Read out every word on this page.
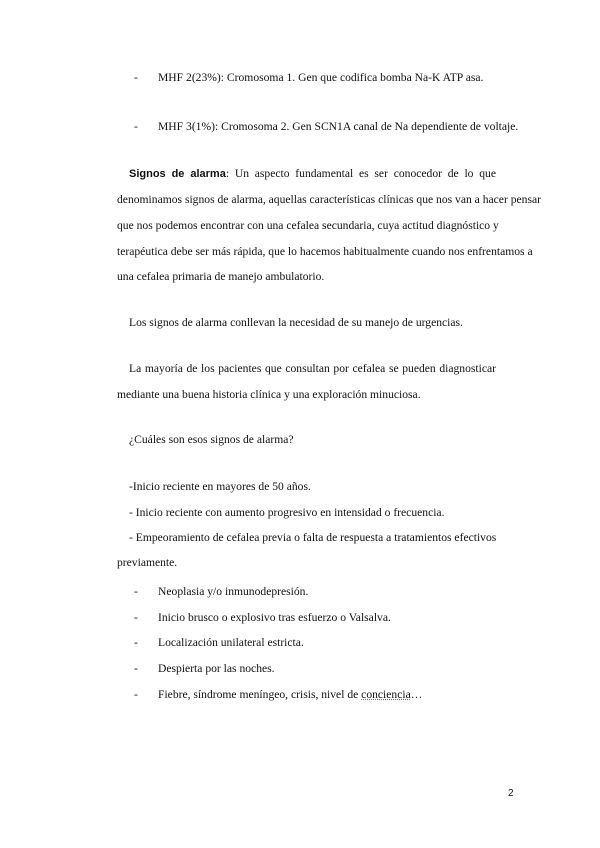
- MHF 2(23%): Cromosoma 1. Gen que codifica bomba Na-K ATP asa.
- MHF 3(1%): Cromosoma 2. Gen SCN1A canal de Na dependiente de voltaje.
Signos de alarma: Un aspecto fundamental es ser conocedor de lo que
denominamos signos de alarma, aquellas características clínicas que nos van a hacer pensar
que nos podemos encontrar con una cefalea secundaria, cuya actitud diagnóstico y
terapéutica debe ser más rápida, que lo hacemos habitualmente cuando nos enfrentamos a
una cefalea primaria de manejo ambulatorio.
Los signos de alarma conllevan la necesidad de su manejo de urgencias.
La mayoría de los pacientes que consultan por cefalea se pueden diagnosticar
mediante una buena historia clínica y una exploración minuciosa.
¿Cuáles son esos signos de alarma?
-Inicio reciente en mayores de 50 años.
- Inicio reciente con aumento progresivo en intensidad o frecuencia.
- Empeoramiento de cefalea previa o falta de respuesta a tratamientos efectivos
previamente.
- Neoplasia y/o inmunodepresión.
- Inicio brusco o explosivo tras esfuerzo o Valsalva.
- Localización unilateral estricta.
- Despierta por las noches.
- Fiebre, síndrome meníngeo, crisis, nivel de conciencia…
2
